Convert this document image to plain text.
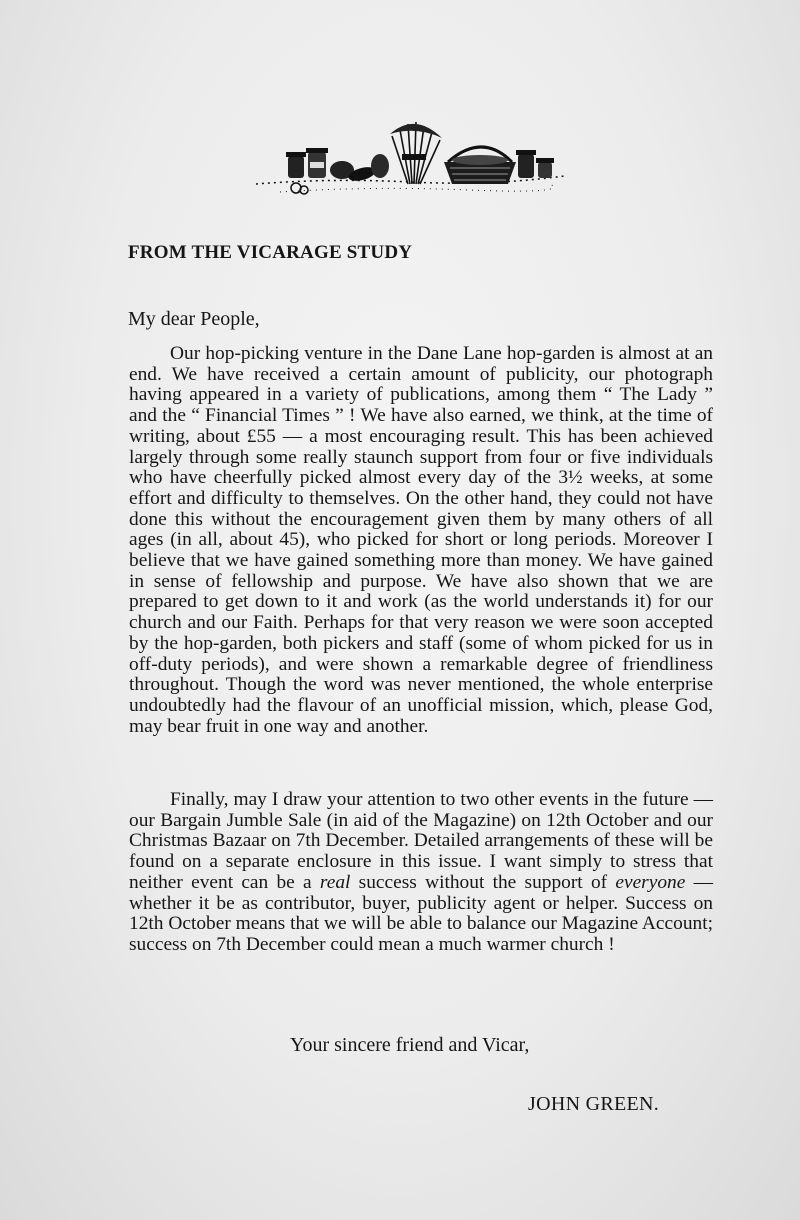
FROM THE VICARAGE STUDY
My dear People,

Our hop-picking venture in the Dane Lane hop-garden is almost at an end. We have received a certain amount of publicity, our photograph having appeared in a variety of publications, among them “ The Lady ” and the “ Financial Times ” ! We have also earned, we think, at the time of writing, about £55 — a most encouraging result. This has been achieved largely through some really staunch support from four or five individuals who have cheerfully picked almost every day of the 3½ weeks, at some effort and difficulty to themselves. On the other hand, they could not have done this without the encouragement given them by many others of all ages (in all, about 45), who picked for short or long periods. Moreover I believe that we have gained something more than money. We have gained in sense of fellowship and purpose. We have also shown that we are prepared to get down to it and work (as the world understands it) for our church and our Faith. Perhaps for that very reason we were soon accepted by the hop-garden, both pickers and staff (some of whom picked for us in off-duty periods), and were shown a remarkable degree of friendliness throughout. Though the word was never mentioned, the whole enterprise undoubtedly had the flavour of an unofficial mission, which, please God, may bear fruit in one way and another.

Finally, may I draw your attention to two other events in the future — our Bargain Jumble Sale (in aid of the Magazine) on 12th October and our Christmas Bazaar on 7th December. Detailed arrangements of these will be found on a separate enclosure in this issue. I want simply to stress that neither event can be a real success without the support of everyone — whether it be as contributor, buyer, publicity agent or helper. Success on 12th October means that we will be able to balance our Magazine Account; success on 7th December could mean a much warmer church !

Your sincere friend and Vicar,
JOHN GREEN.
